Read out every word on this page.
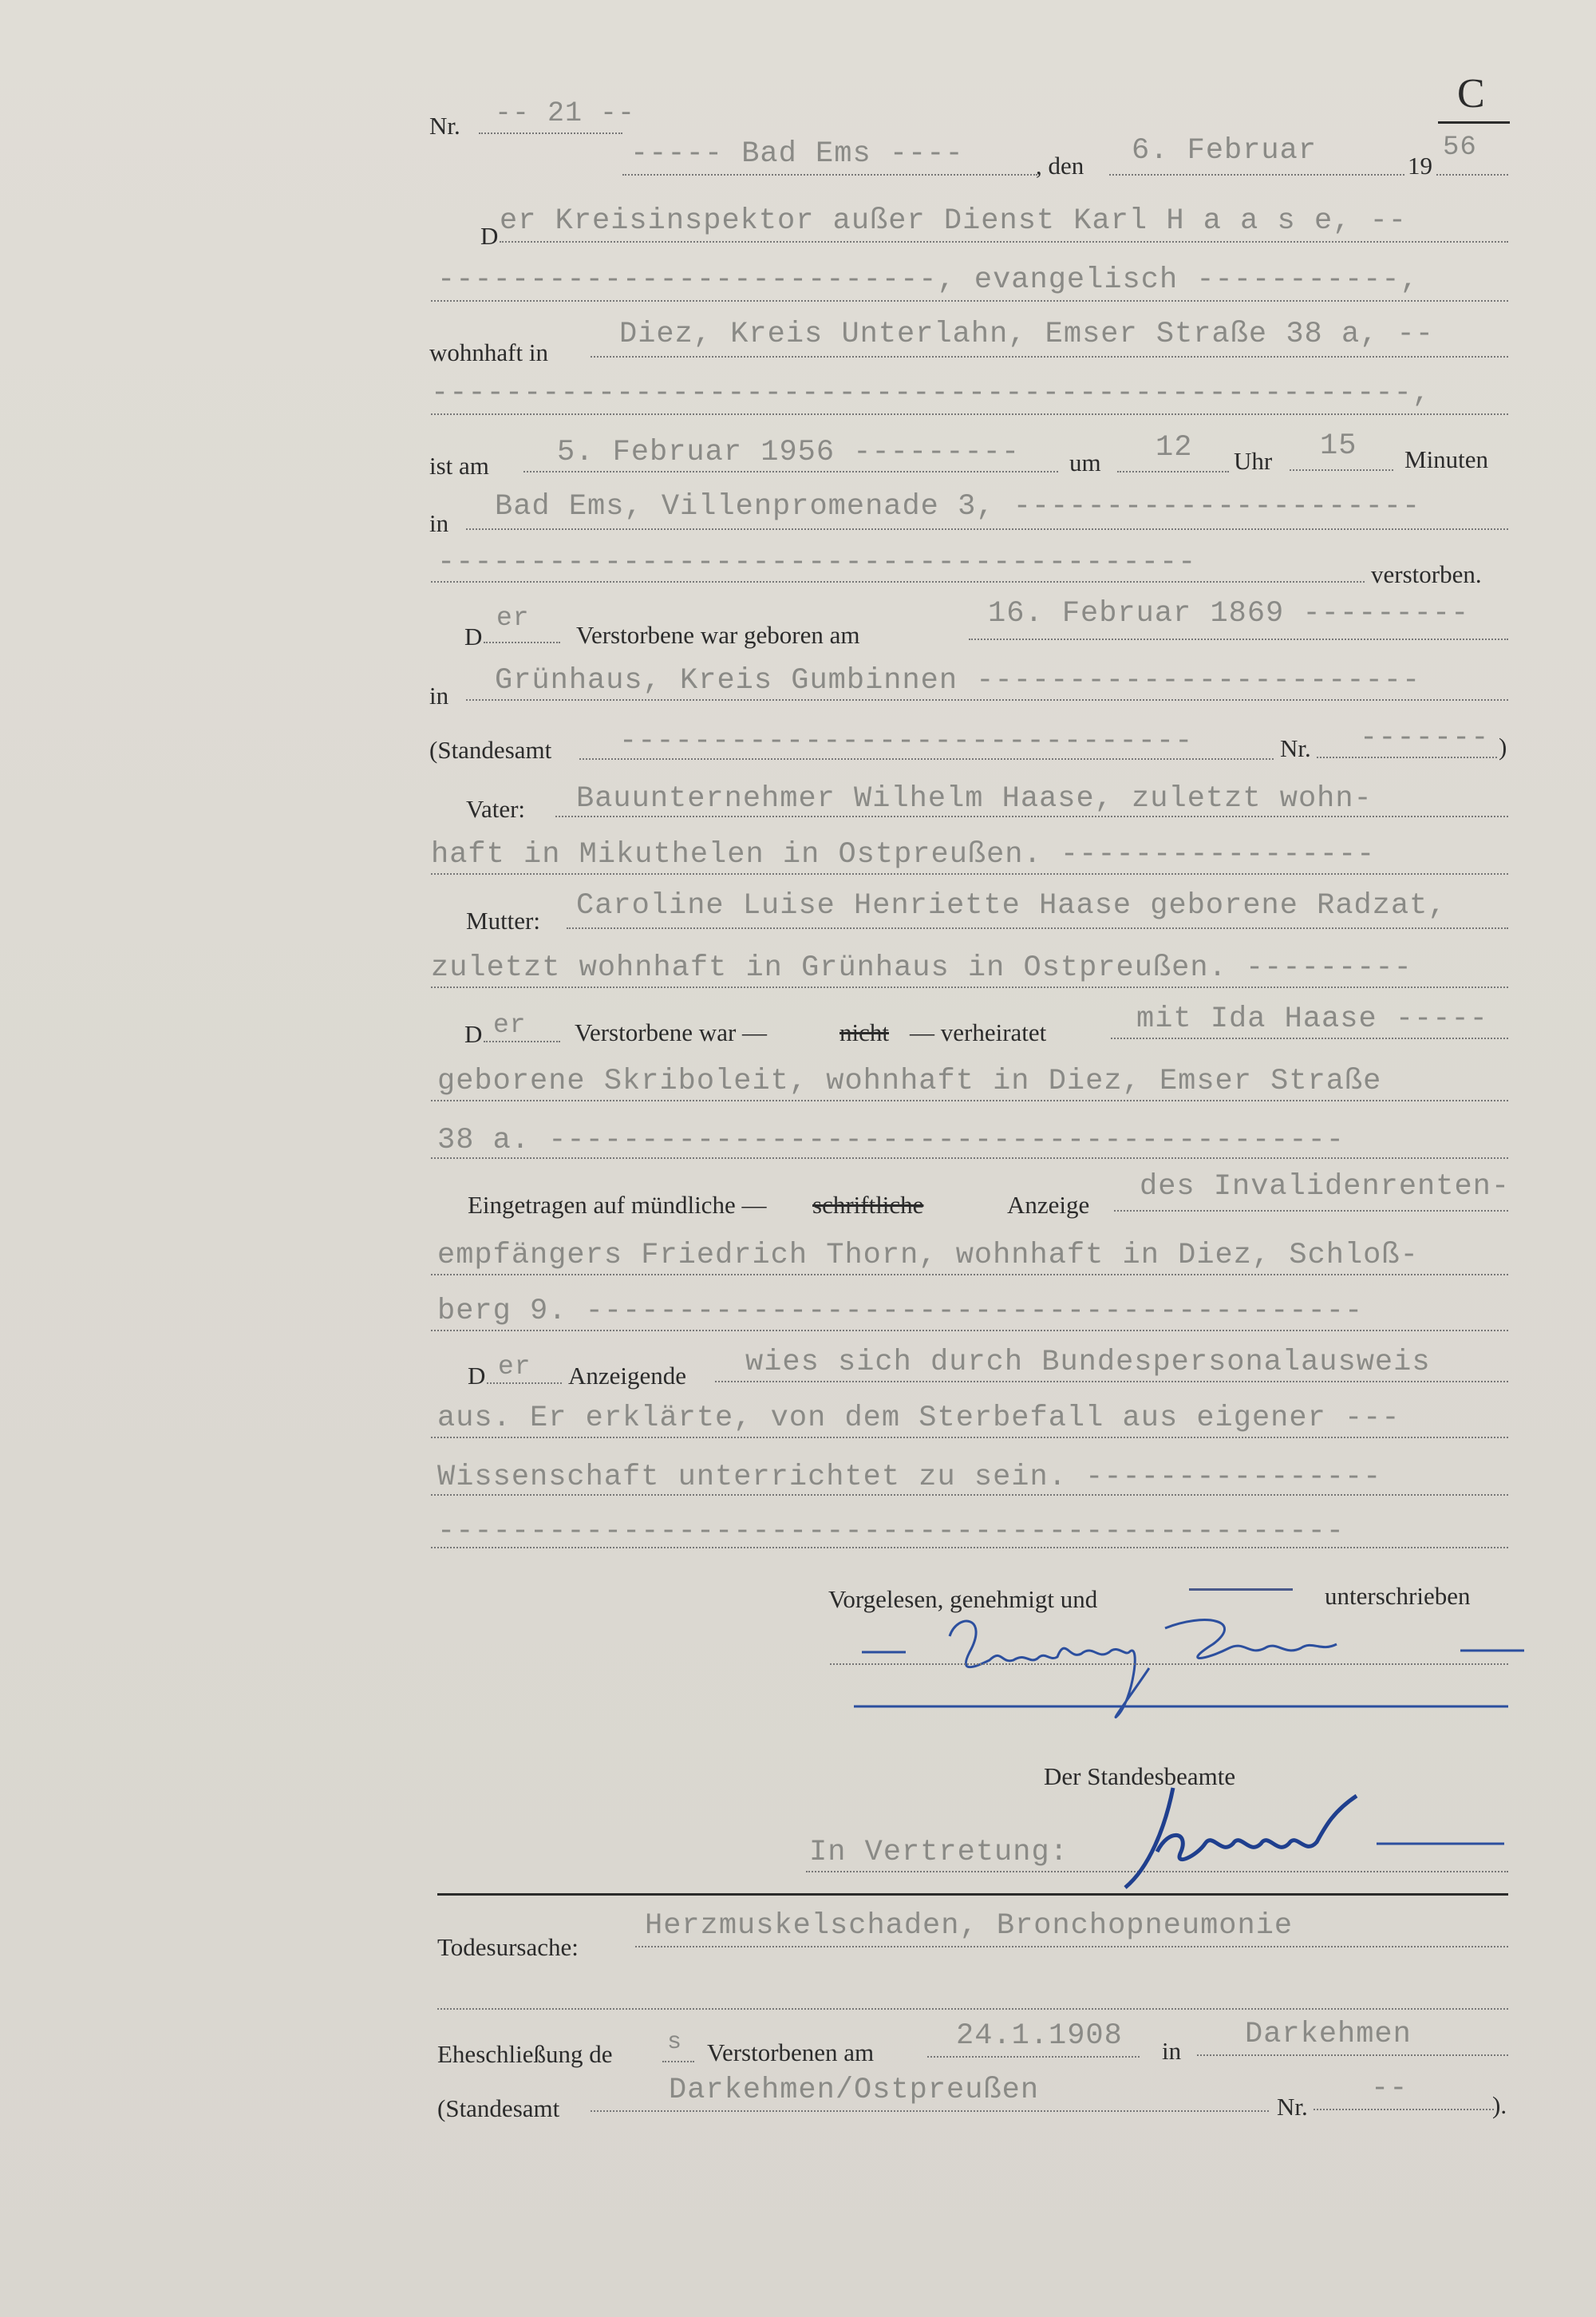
Nr. -- 21 --	C
----- Bad Ems ----	, den 6. Februar	19
56
D er Kreisinspektor außer Dienst Karl H a a s e, --
---------------------------, evangelisch -----------,
wohnhaft in
Diez, Kreis Unterlahn, Emser Straße 38 a, --
-----------------------------------------------------,
ist am 5. Februar 1956 --------- um 12 Uhr 15 Minuten
in Bad Ems, Villenpromenade 3, ----------------------
-----------------------------------------	verstorben.
D
er
Verstorbene war geboren am
16. Februar 1869 ---------
in Grünhaus, Kreis Gumbinnen ------------------------
(Standesamt -------------------------------	Nr. ------- )
Vater: Bauunternehmer Wilhelm Haase, zuletzt wohn-
haft in Mikuthelen in Ostpreußen. -----------------
Mutter: Caroline Luise Henriette Haase geborene Radzat,
zuletzt wohnhaft in Grünhaus in Ostpreußen. ---------
D er Verstorbene war —	nicht — verheiratet	mit Ida Haase -----
geborene Skriboleit, wohnhaft in Diez, Emser Straße
38 a. -------------------------------------------
Eingetragen auf mündliche — schriftliche	Anzeige
des Invalidenrenten-
empfängers Friedrich Thorn, wohnhaft in Diez, Schloß-
berg 9. ------------------------------------------
D er Anzeigende wies sich durch Bundespersonalausweis
aus. Er erklärte, von dem Sterbefall aus eigener ---
Wissenschaft unterrichtet zu sein. ----------------
-------------------------------------------------
Vorgelesen, genehmigt und	unterschrieben
Der Standesbeamte
In Vertretung:
Todesursache:
Herzmuskelschaden, Bronchopneumonie
Eheschließung de s Verstorbenen am	24.1.1908 in Darkehmen
(Standesamt
Darkehmen/Ostpreußen	Nr.
--	).
